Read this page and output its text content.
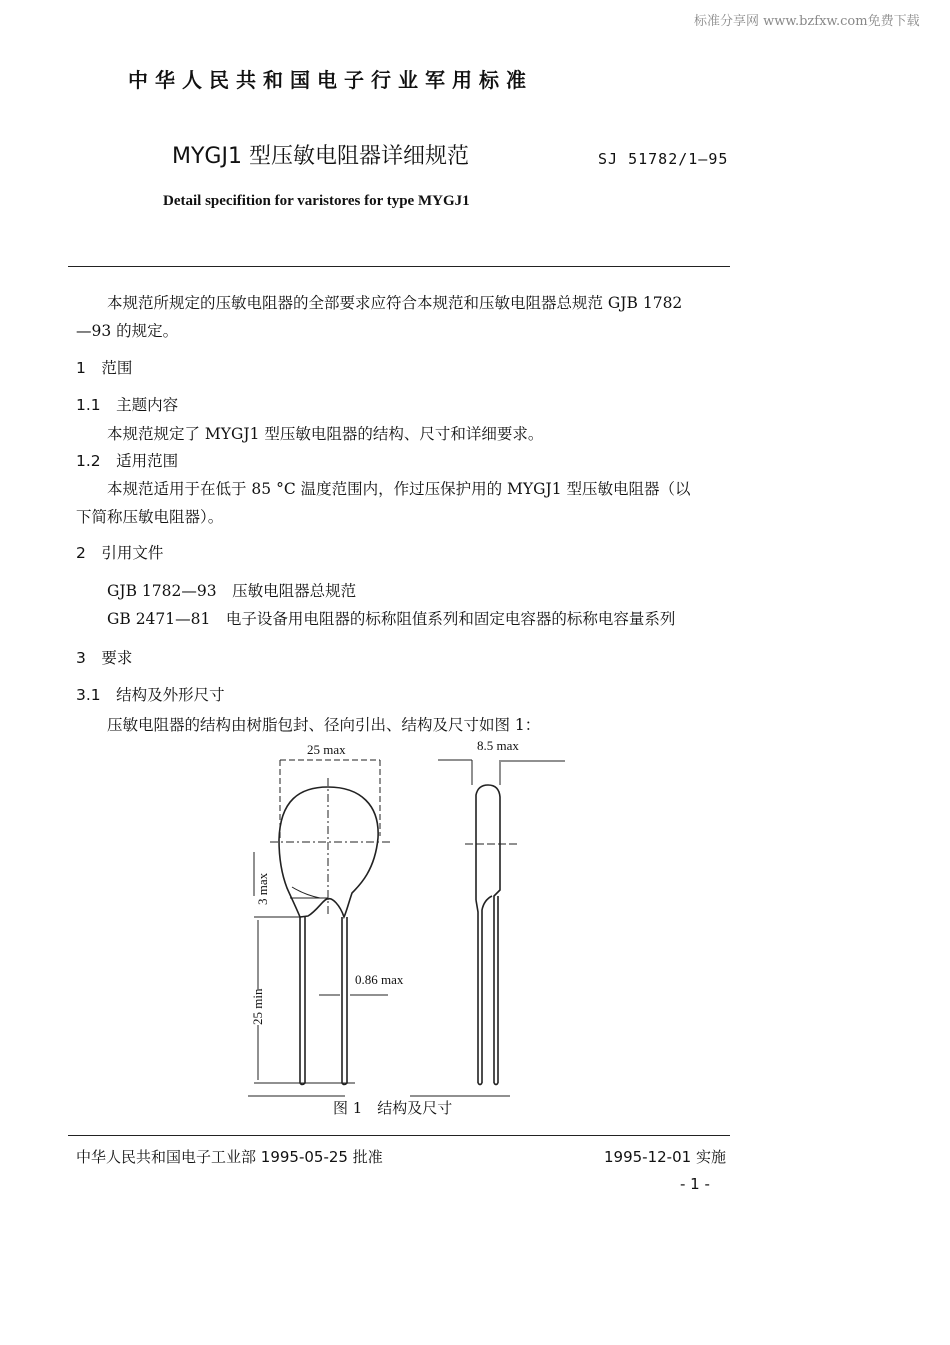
标准分享网 www.bzfxw.com免费下载
中华人民共和国电子行业军用标准
MYGJ1 型压敏电阻器详细规范	SJ 51782/1—95
Detail specifition for varistores for type MYGJ1
本规范所规定的压敏电阻器的全部要求应符合本规范和压敏电阻器总规范 GJB 1782
—93 的规定。
1　范围
1.1　主题内容
本规范规定了 MYGJ1 型压敏电阻器的结构、尺寸和详细要求。
1.2　适用范围
本规范适用于在低于 85 °C 温度范围内，作过压保护用的 MYGJ1 型压敏电阻器（以
下简称压敏电阻器）。
2　引用文件
GJB 1782—93　压敏电阻器总规范
GB 2471—81　电子设备用电阻器的标称阻值系列和固定电容器的标称电容量系列
3　要求
3.1　结构及外形尺寸
压敏电阻器的结构由树脂包封、径向引出、结构及尺寸如图 1：
25 max	8.5 max
3 max
25 min
0.86 max
图 1　结构及尺寸
中华人民共和国电子工业部 1995-05-25 批准	1995-12-01 实施
- 1 -
